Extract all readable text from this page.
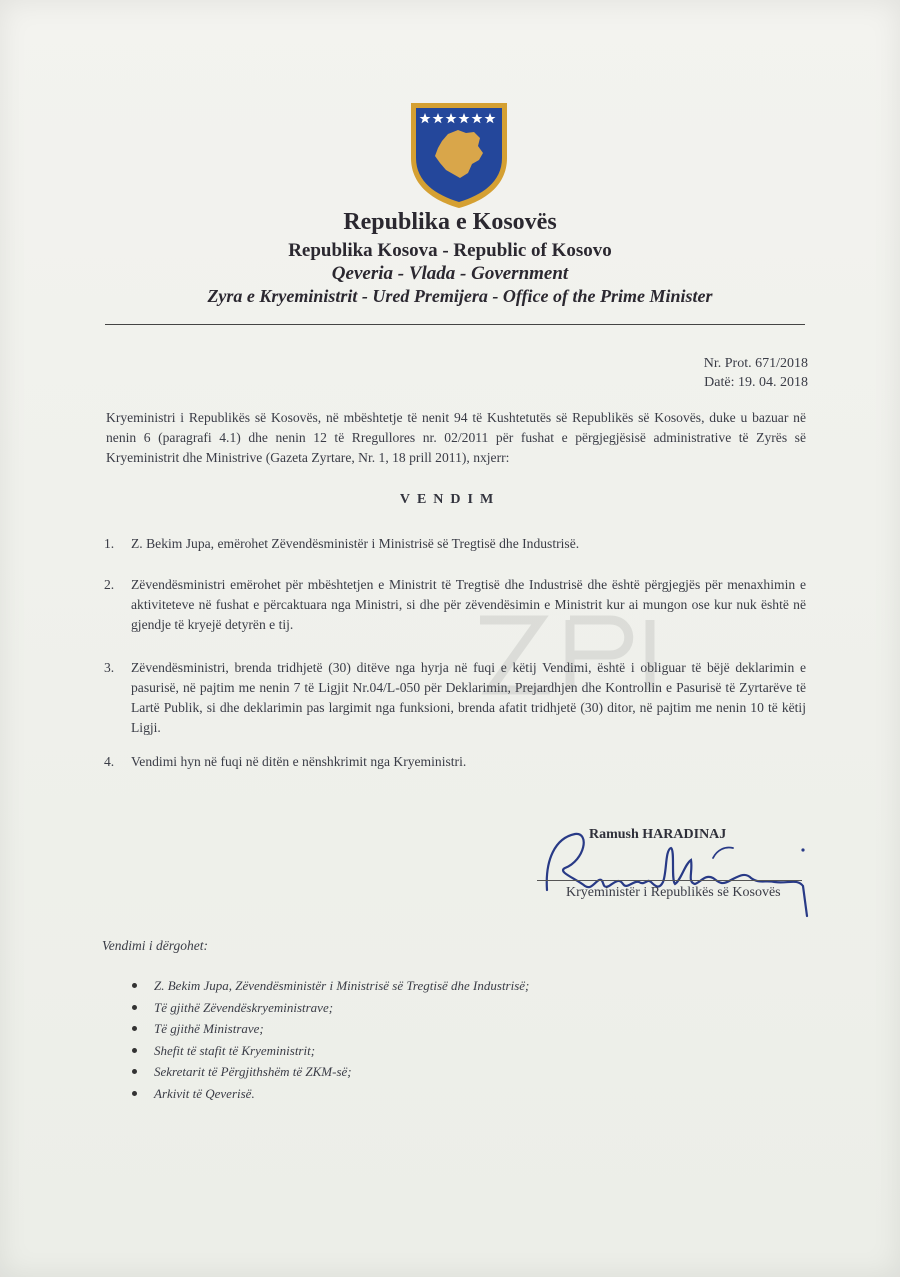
Republika e Kosovës
Republika Kosova - Republic of Kosovo
Qeveria - Vlada - Government
Zyra e Kryeministrit - Ured Premijera - Office of the Prime Minister
Nr. Prot. 671/2018
Datë: 19. 04. 2018
Kryeministri i Republikës së Kosovës, në mbështetje të nenit 94 të Kushtetutës së Republikës së Kosovës, duke u bazuar në nenin 6 (paragrafi 4.1) dhe nenin 12 të Rregullores nr. 02/2011 për fushat e përgjegjësisë administrative të Zyrës së Kryeministrit dhe Ministrive (Gazeta Zyrtare, Nr. 1, 18 prill 2011), nxjerr:
VENDIM
1.	Z. Bekim Jupa, emërohet Zëvendësministër i Ministrisë së Tregtisë dhe Industrisë.
2.	Zëvendësministri emërohet për mbështetjen e Ministrit të Tregtisë dhe Industrisë dhe është përgjegjës për menaxhimin e aktiviteteve në fushat e përcaktuara nga Ministri, si dhe për zëvendësimin e Ministrit kur ai mungon ose kur nuk është në gjendje të kryejë detyrën e tij.
3.	Zëvendësministri, brenda tridhjetë (30) ditëve nga hyrja në fuqi e këtij Vendimi, është i obliguar të bëjë deklarimin e pasurisë, në pajtim me nenin 7 të Ligjit Nr.04/L-050 për Deklarimin, Prejardhjen dhe Kontrollin e Pasurisë të Zyrtarëve të Lartë Publik, si dhe deklarimin pas largimit nga funksioni, brenda afatit tridhjetë (30) ditor, në pajtim me nenin 10 të këtij Ligji.
4.	Vendimi hyn në fuqi në ditën e nënshkrimit nga Kryeministri.
Ramush HARADINAJ
Kryeministër i Republikës së Kosovës
Vendimi i dërgohet:
Z. Bekim Jupa, Zëvendësministër i Ministrisë së Tregtisë dhe Industrisë;
Të gjithë Zëvendëskryeministrave;
Të gjithë Ministrave;
Shefit të stafit të Kryeministrit;
Sekretarit të Përgjithshëm të ZKM-së;
Arkivit të Qeverisë.
